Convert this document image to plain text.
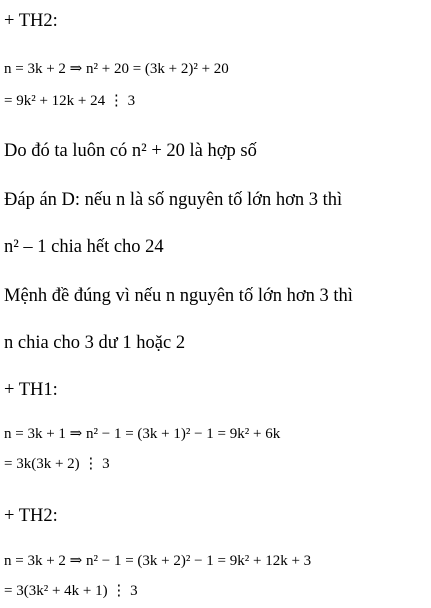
+ TH2:
n = 3k + 2 ⇒ n² + 20 = (3k + 2)² + 20
= 9k² + 12k + 24 ⋮ 3
Do đó ta luôn có n² + 20 là hợp số
Đáp án D: nếu n là số nguyên tố lớn hơn 3 thì
n² – 1 chia hết cho 24
Mệnh đề đúng vì nếu n nguyên tố lớn hơn 3 thì
n chia cho 3 dư 1 hoặc 2
+ TH1:
n = 3k + 1 ⇒ n² − 1 = (3k + 1)² − 1 = 9k² + 6k
= 3k(3k + 2) ⋮ 3
+ TH2:
n = 3k + 2 ⇒ n² − 1 = (3k + 2)² − 1 = 9k² + 12k + 3
= 3(3k² + 4k + 1) ⋮ 3
